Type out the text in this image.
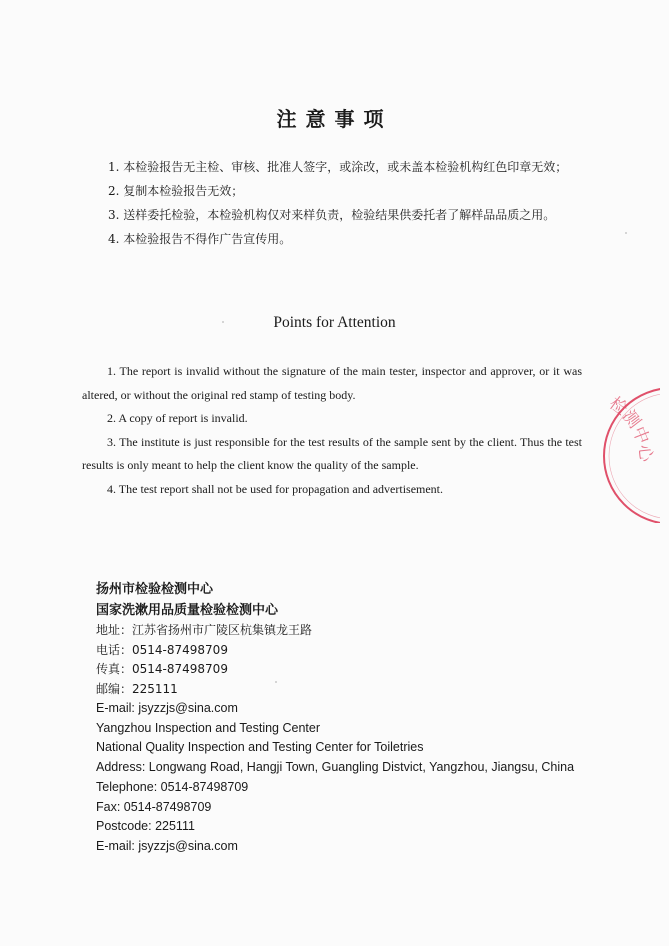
注意事项
1. 本检验报告无主检、审核、批准人签字，或涂改，或未盖本检验机构红色印章无效；
2. 复制本检验报告无效；
3. 送样委托检验，本检验机构仅对来样负责，检验结果供委托者了解样品品质之用。
4. 本检验报告不得作广告宣传用。
Points for Attention

1. The report is invalid without the signature of the main tester, inspector and approver, or it was altered, or without the original red stamp of testing body.

2. A copy of report is invalid.

3. The institute is just responsible for the test results of the sample sent by the client. Thus the test results is only meant to help the client know the quality of the sample.

4. The test report shall not be used for propagation and advertisement.

检测中心
扬州市检验检测中心
国家洗漱用品质量检验检测中心
地址：江苏省扬州市广陵区杭集镇龙王路
电话：0514-87498709
传真：0514-87498709
邮编：225111
E-mail: jsyzzjs@sina.com
Yangzhou Inspection and Testing Center
National Quality Inspection and Testing Center for Toiletries
Address: Longwang Road, Hangji Town, Guangling Distvict, Yangzhou, Jiangsu, China
Telephone: 0514-87498709
Fax: 0514-87498709
Postcode: 225111
E-mail: jsyzzjs@sina.com
